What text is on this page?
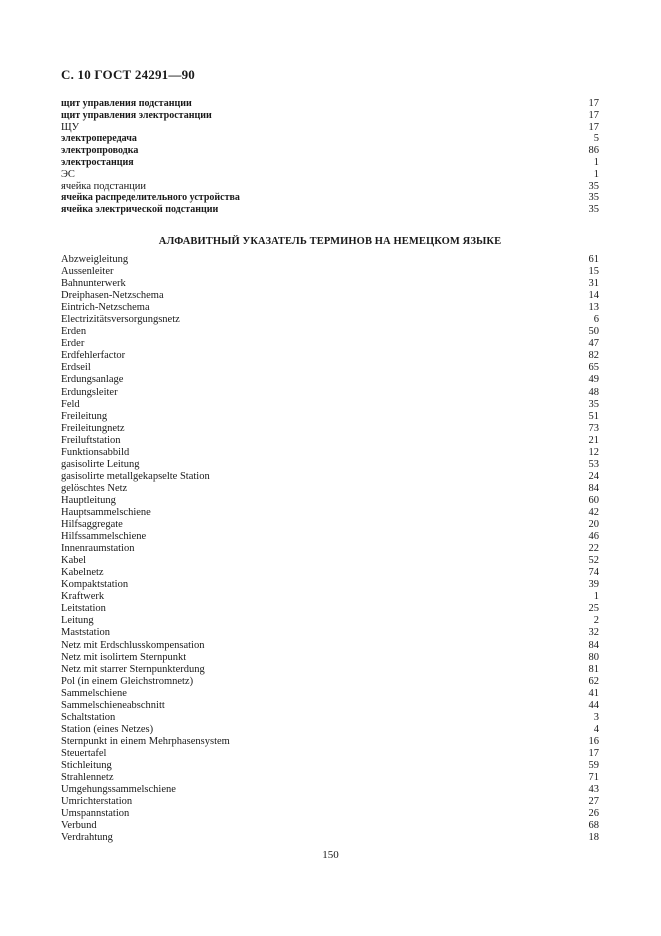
С. 10 ГОСТ 24291—90
щит управления подстанции	17
щит управления электростанции	17
ЩУ	17
электропередача	5
электропроводка	86
электростанция	1
ЭС	1
ячейка подстанции	35
ячейка распределительного устройства	35
ячейка электрической подстанции	35
АЛФАВИТНЫЙ УКАЗАТЕЛЬ ТЕРМИНОВ НА НЕМЕЦКОМ ЯЗЫКЕ
Abzweigleitung	61
Aussenleiter	15
Bahnunterwerk	31
Dreiphasen-Netzschema	14
Eintrich-Netzschema	13
Electrizitätsversorgungsnetz	6
Erden	50
Erder	47
Erdfehlerfactor	82
Erdseil	65
Erdungsanlage	49
Erdungsleiter	48
Feld	35
Freileitung	51
Freileitungnetz	73
Freiluftstation	21
Funktionsabbild	12
gasisolirte Leitung	53
gasisolirte metallgekapselte Station	24
gelöschtes Netz	84
Hauptleitung	60
Hauptsammelschiene	42
Hilfsaggregate	20
Hilfssammelschiene	46
Innenraumstation	22
Kabel	52
Kabelnetz	74
Kompaktstation	39
Kraftwerk	1
Leitstation	25
Leitung	2
Maststation	32
Netz mit Erdschlusskompensation	84
Netz mit isolirtem Sternpunkt	80
Netz mit starrer Sternpunkterdung	81
Pol (in einem Gleichstromnetz)	62
Sammelschiene	41
Sammelschieneabschnitt	44
Schaltstation	3
Station (eines Netzes)	4
Sternpunkt in einem Mehrphasensystem	16
Steuertafel	17
Stichleitung	59
Strahlennetz	71
Umgehungssammelschiene	43
Umrichterstation	27
Umspannstation	26
Verbund	68
Verdrahtung	18
150
